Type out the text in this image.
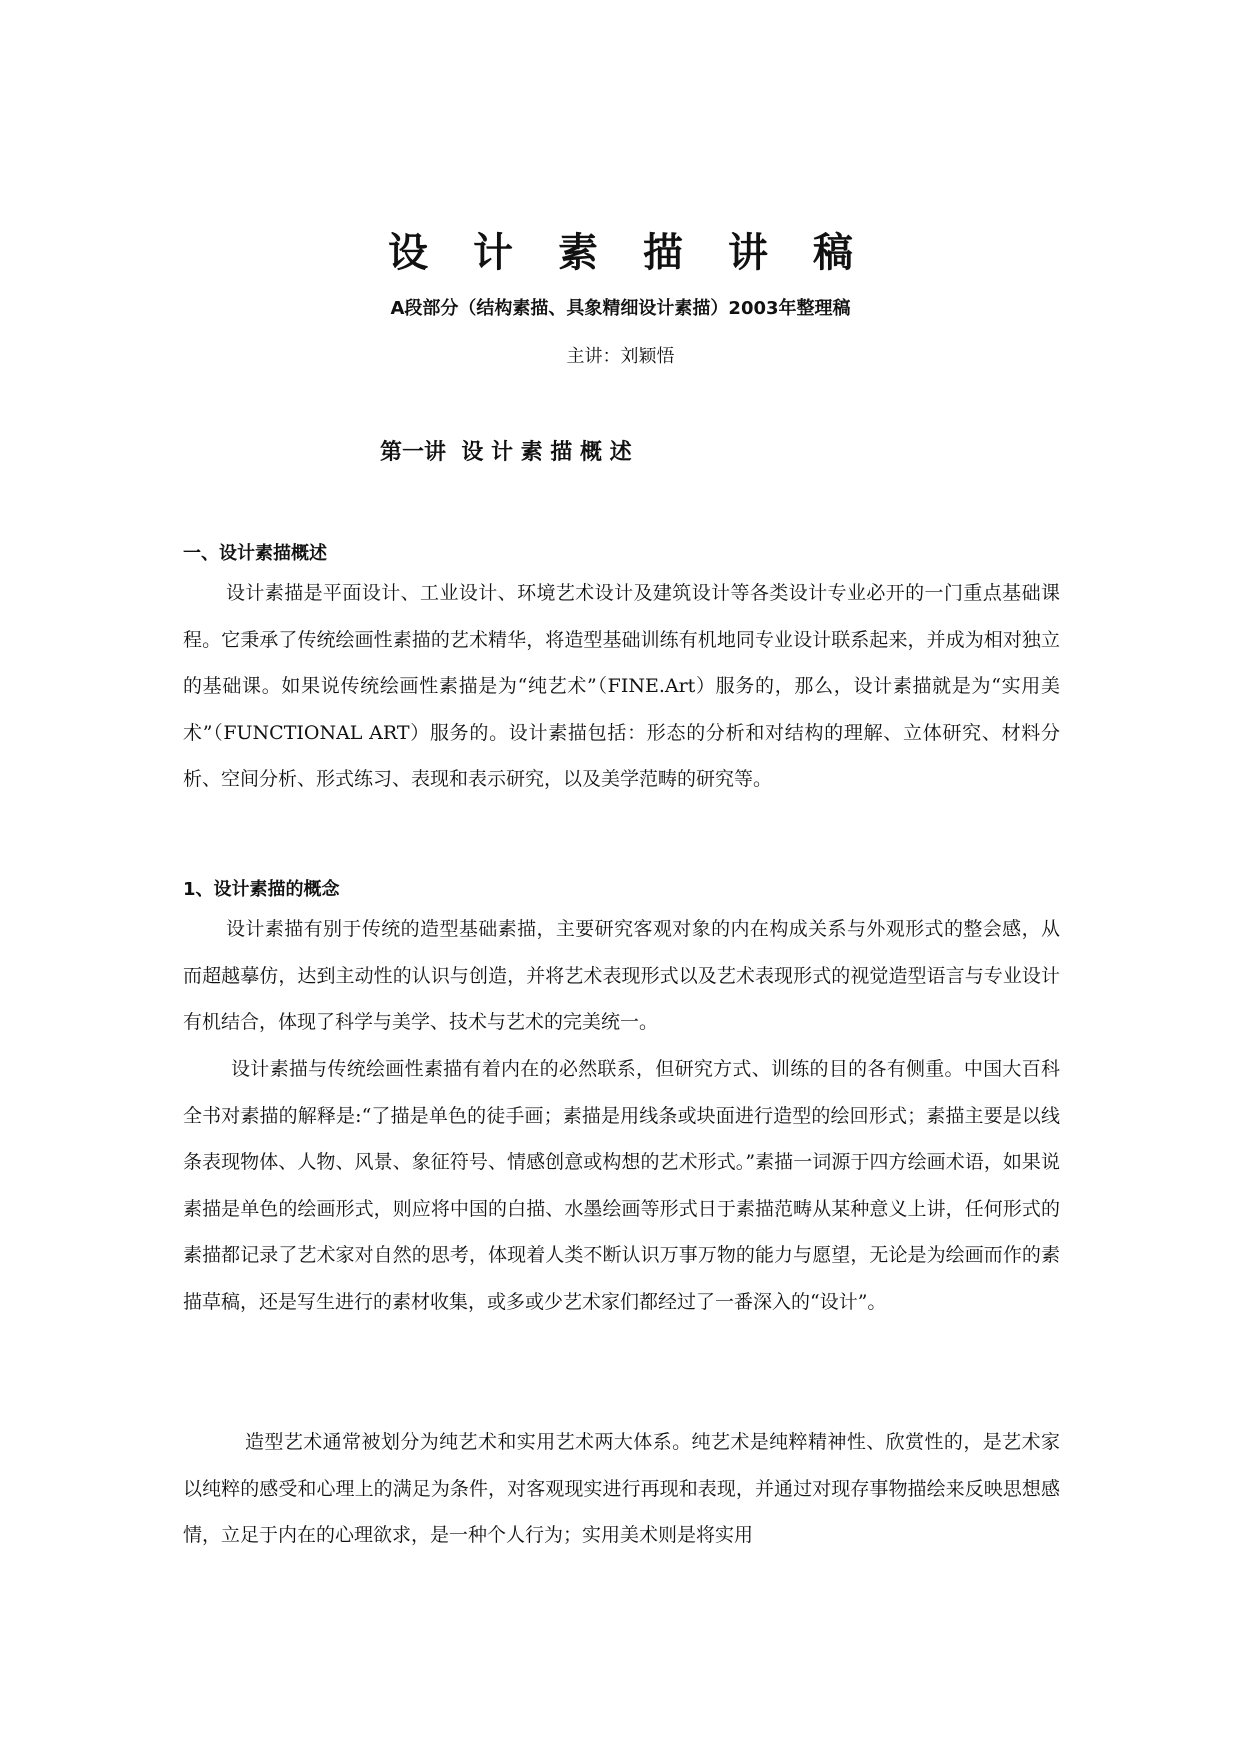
设计素描讲稿
A段部分（结构素描、具象精细设计素描）2003年整理稿
主讲：刘颖悟
第一讲  设 计 素 描 概 述
一、设计素描概述

设计素描是平面设计、工业设计、环境艺术设计及建筑设计等各类设计专业必开的一门重点基础课程。它秉承了传统绘画性素描的艺术精华，将造型基础训练有机地同专业设计联系起来，并成为相对独立的基础课。如果说传统绘画性素描是为“纯艺术”（FINE.Art）服务的，那么，设计素描就是为“实用美术”（FUNCTIONAL ART）服务的。设计素描包括：形态的分析和对结构的理解、立体研究、材料分析、空间分析、形式练习、表现和表示研究，以及美学范畴的研究等。

1、设计素描的概念

设计素描有别于传统的造型基础素描，主要研究客观对象的内在构成关系与外观形式的整会感，从而超越摹仿，达到主动性的认识与创造，并将艺术表现形式以及艺术表现形式的视觉造型语言与专业设计有机结合，体现了科学与美学、技术与艺术的完美统一。

设计素描与传统绘画性素描有着内在的必然联系，但研究方式、训练的目的各有侧重。中国大百科全书对素描的解释是:“了描是单色的徒手画；素描是用线条或块面进行造型的绘回形式；素描主要是以线条表现物体、人物、风景、象征符号、情感创意或构想的艺术形式。”素描一词源于四方绘画术语，如果说素描是单色的绘画形式，则应将中国的白描、水墨绘画等形式日于素描范畴从某种意义上讲，任何形式的素描都记录了艺术家对自然的思考，体现着人类不断认识万事万物的能力与愿望，无论是为绘画而作的素描草稿，还是写生进行的素材收集，或多或少艺术家们都经过了一番深入的“设计”。

造型艺术通常被划分为纯艺术和实用艺术两大体系。纯艺术是纯粹精神性、欣赏性的，是艺术家以纯粹的感受和心理上的满足为条件，对客观现实进行再现和表现，并通过对现存事物描绘来反映思想感情，立足于内在的心理欲求，是一种个人行为；实用美术则是将实用
